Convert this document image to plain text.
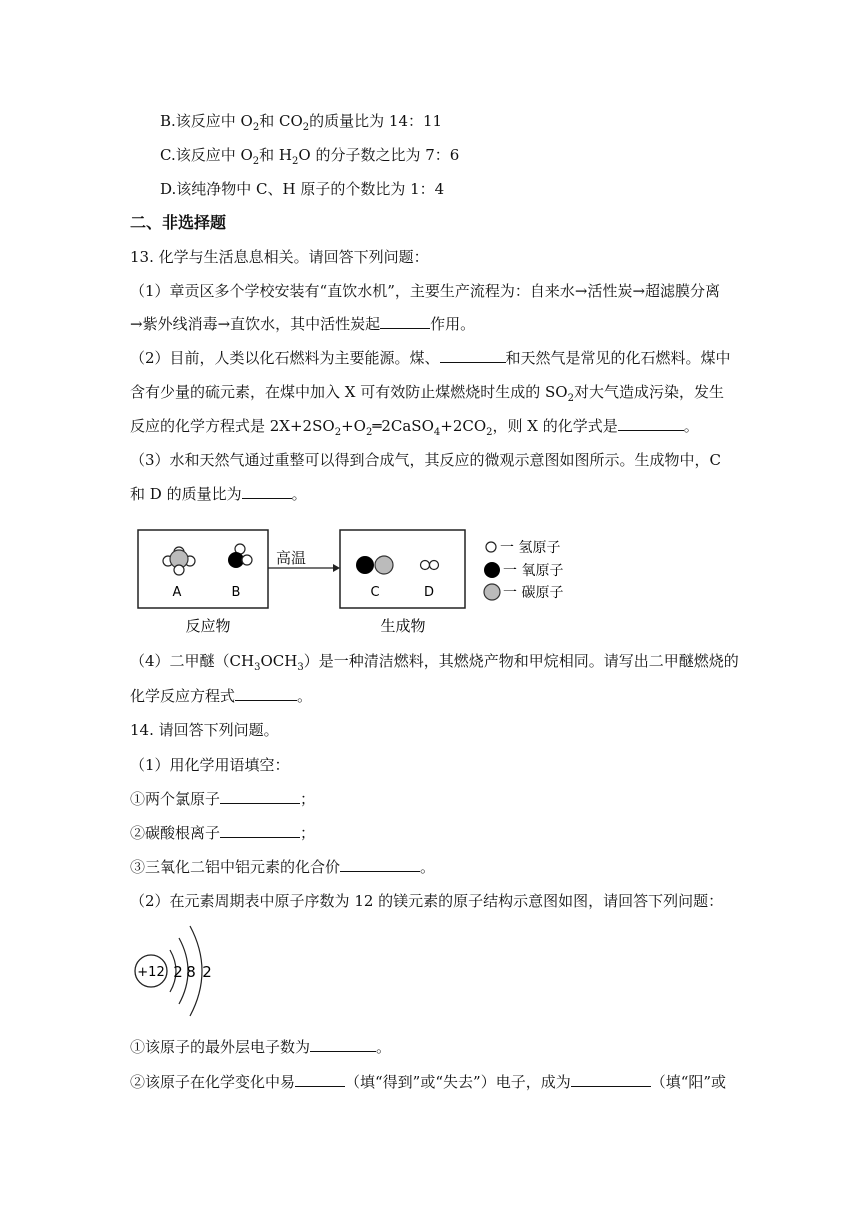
B.该反应中 $O_2$和 $CO_2$的质量比为 14：11
C.该反应中 $O_2$和 $H_2O$ 的分子数之比为 7：6
D.该纯净物中 C、H 原子的个数比为 1：4
二、非选择题
13. 化学与生活息息相关。请回答下列问题：
（1）章贡区多个学校安装有“直饮水机”，主要生产流程为：自来水→活性炭→超滤膜分离
→紫外线消毒→直饮水，其中活性炭起	作用。
（2）目前，人类以化石燃料为主要能源。煤、	和天然气是常见的化石燃料。煤中
含有少量的硫元素，在煤中加入 X 可有效防止煤燃烧时生成的 $SO_2$对大气造成污染，发生
反应的化学方程式是 $2X+2SO_2+O_2═2CaSO_4+2CO_2$，则 X 的化学式是	。
（3）水和天然气通过重整可以得到合成气，其反应的微观示意图如图所示。生成物中，C
和 D 的质量比为	。
高温
A	B	C	D
反应物	生成物
一 氢原子
一 氧原子
一 碳原子
（4）二甲醚$(CH_3OCH_3)$是一种清洁燃料，其燃烧产物和甲烷相同。请写出二甲醚燃烧的
化学反应方程式	。
14. 请回答下列问题。
（1）用化学用语填空：
①两个氯原子	；
②碳酸根离子	；
③三氧化二铝中铝元素的化合价	。
（2）在元素周期表中原子序数为 12 的镁元素的原子结构示意图如图，请回答下列问题：
+12 2 8 2
①该原子的最外层电子数为	。
②该原子在化学变化中易	（填“得到”或“失去”）电子，成为	（填“阳”或
